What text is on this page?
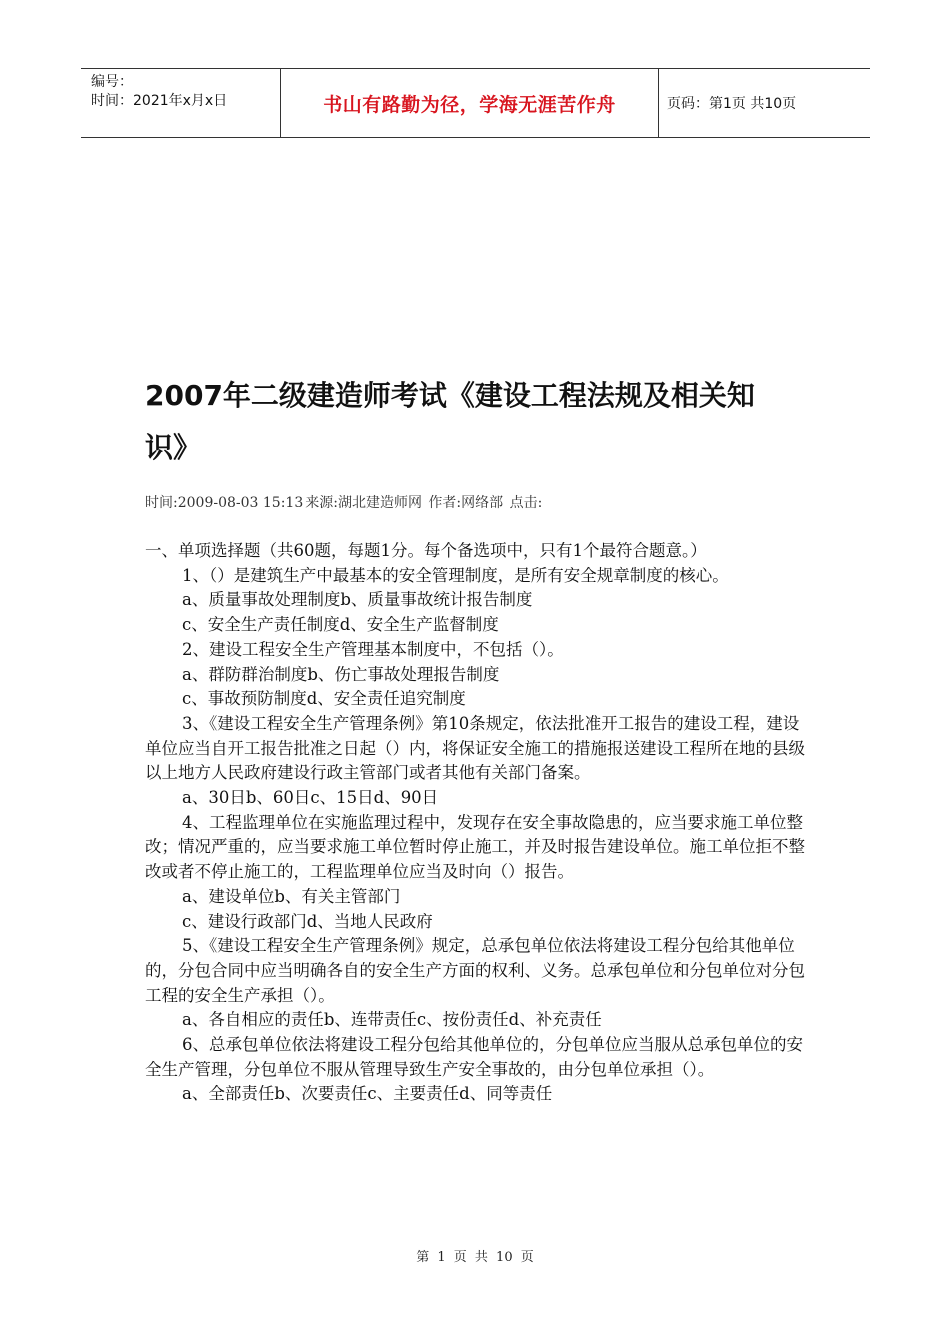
编号：
时间：2021年x月x日	书山有路勤为径，学海无涯苦作舟	页码：第1页 共10页
2007年二级建造师考试《建设工程法规及相关知识》
时间:2009-08-03 15:13 来源:湖北建造师网 作者:网络部 点击:

一、单项选择题（共60题，每题1分。每个备选项中，只有1个最符合题意。）

1、（）是建筑生产中最基本的安全管理制度，是所有安全规章制度的核心。

a、质量事故处理制度b、质量事故统计报告制度

c、安全生产责任制度d、安全生产监督制度

2、建设工程安全生产管理基本制度中，不包括（）。

a、群防群治制度b、伤亡事故处理报告制度

c、事故预防制度d、安全责任追究制度

3、《建设工程安全生产管理条例》第10条规定，依法批准开工报告的建设工程，建设单位应当自开工报告批准之日起（）内，将保证安全施工的措施报送建设工程所在地的县级以上地方人民政府建设行政主管部门或者其他有关部门备案。

a、30日b、60日c、15日d、90日

4、工程监理单位在实施监理过程中，发现存在安全事故隐患的，应当要求施工单位整改；情况严重的，应当要求施工单位暂时停止施工，并及时报告建设单位。施工单位拒不整改或者不停止施工的，工程监理单位应当及时向（）报告。

a、建设单位b、有关主管部门

c、建设行政部门d、当地人民政府

5、《建设工程安全生产管理条例》规定，总承包单位依法将建设工程分包给其他单位的，分包合同中应当明确各自的安全生产方面的权利、义务。总承包单位和分包单位对分包工程的安全生产承担（）。

a、各自相应的责任b、连带责任c、按份责任d、补充责任

6、总承包单位依法将建设工程分包给其他单位的，分包单位应当服从总承包单位的安全生产管理，分包单位不服从管理导致生产安全事故的，由分包单位承担（）。

a、全部责任b、次要责任c、主要责任d、同等责任

第 1 页 共 10 页
